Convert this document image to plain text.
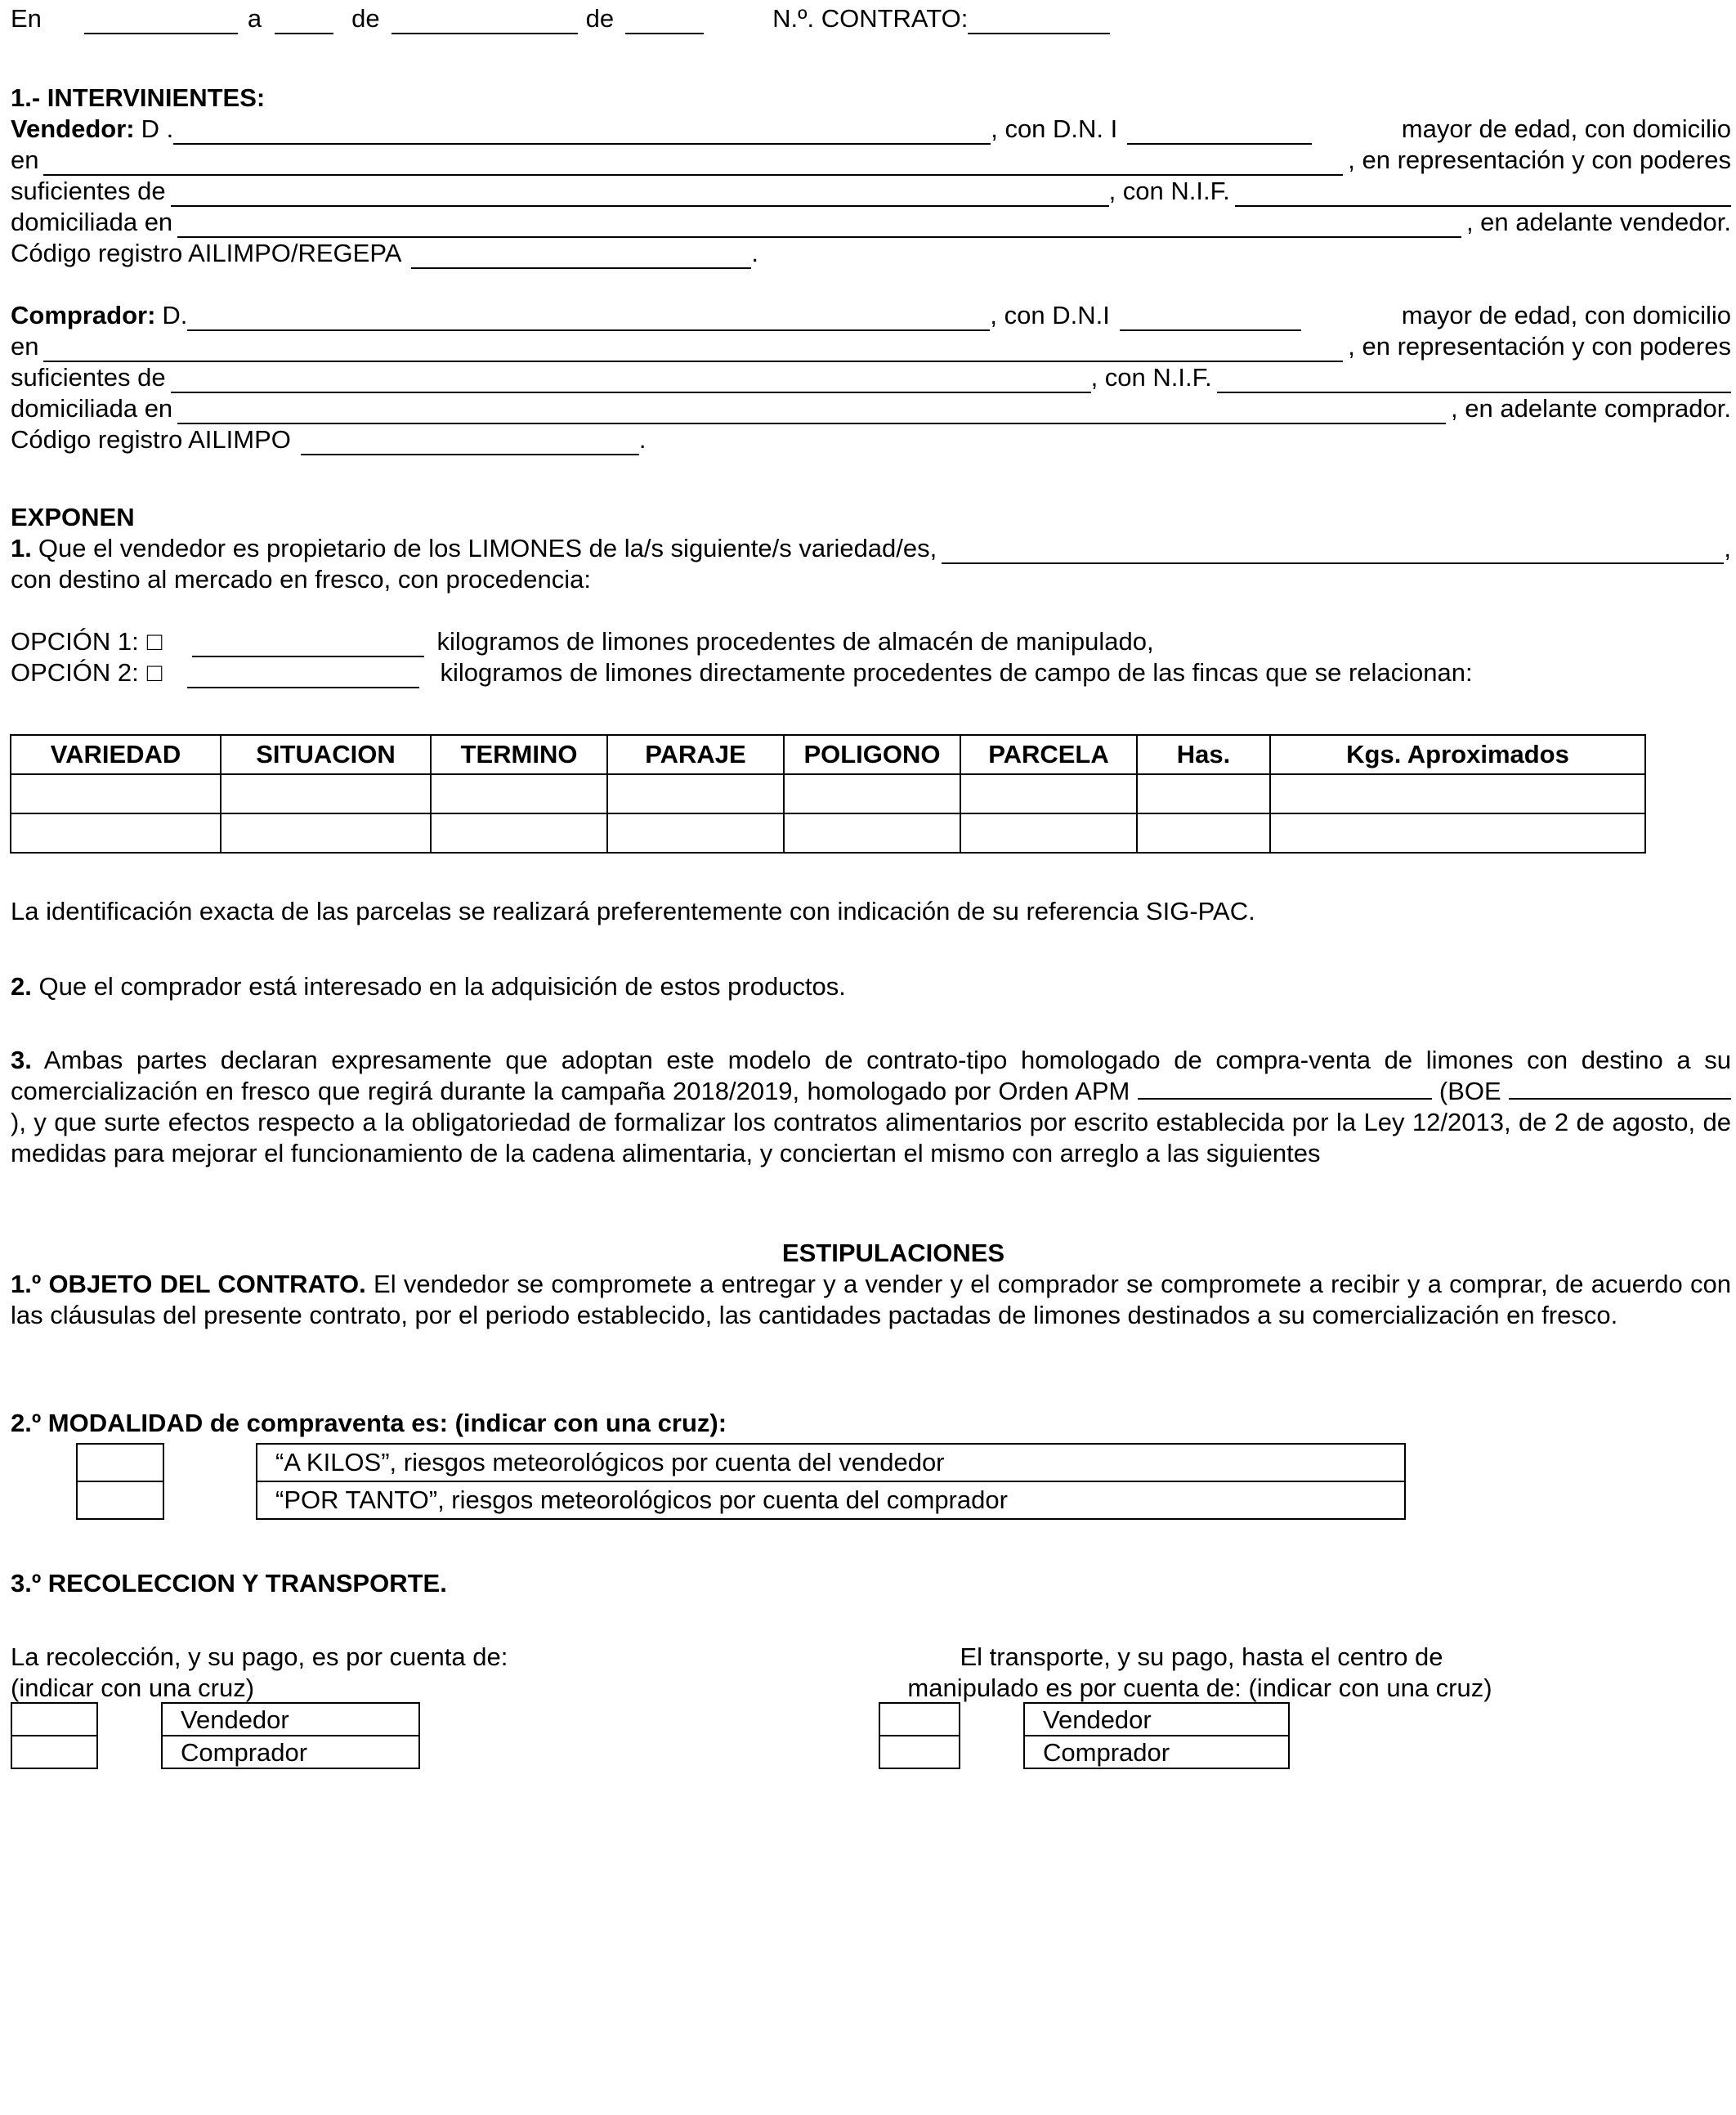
En	a	de	de	N.º. CONTRATO:
1.- INTERVINIENTES:
Vendedor: D .	, con D.N. I	mayor de edad, con domicilio
en	, en representación y con poderes
suficientes de	, con N.I.F.
domiciliada en	, en adelante vendedor.
Código registro AILIMPO/REGEPA	.
Comprador: D.	, con D.N.I	mayor de edad, con domicilio
en	, en representación y con poderes
suficientes de	, con N.I.F.
domiciliada en	, en adelante comprador.
Código registro AILIMPO	.
EXPONEN
1. Que el vendedor es propietario de los LIMONES de la/s siguiente/s variedad/es,	,
con destino al mercado en fresco, con procedencia:
OPCIÓN 1: □	kilogramos de limones procedentes de almacén de manipulado,
OPCIÓN 2: □	kilogramos de limones directamente procedentes de campo de las fincas que se relacionan:
VARIEDAD	SITUACION	TERMINO	PARAJE	POLIGONO	PARCELA	Has.	Kgs. Aproximados

La identificación exacta de las parcelas se realizará preferentemente con indicación de su referencia SIG-PAC.
2. Que el comprador está interesado en la adquisición de estos productos.
3. Ambas partes declaran expresamente que adoptan este modelo de contrato-tipo homologado de compra-venta de limones con destino a su comercialización en fresco que regirá durante la campaña 2018/2019, homologado por Orden APM	(BOE ), y que surte efectos respecto a la obligatoriedad de formalizar los contratos alimentarios por escrito establecida por la Ley 12/2013, de 2 de agosto, de medidas para mejorar el funcionamiento de la cadena alimentaria, y conciertan el mismo con arreglo a las siguientes
ESTIPULACIONES
1.º OBJETO DEL CONTRATO. El vendedor se compromete a entregar y a vender y el comprador se compromete a recibir y a comprar, de acuerdo con las cláusulas del presente contrato, por el periodo establecido, las cantidades pactadas de limones destinados a su comercialización en fresco.
2.º MODALIDAD de compraventa es: (indicar con una cruz):
“A KILOS”, riesgos meteorológicos por cuenta del vendedor
“POR TANTO”, riesgos meteorológicos por cuenta del comprador
3.º RECOLECCION Y TRANSPORTE.
La recolección, y su pago, es por cuenta de:
(indicar con una cruz)
Vendedor
Comprador
El transporte, y su pago, hasta el centro de
manipulado es por cuenta de: (indicar con una cruz)
Vendedor
Comprador
